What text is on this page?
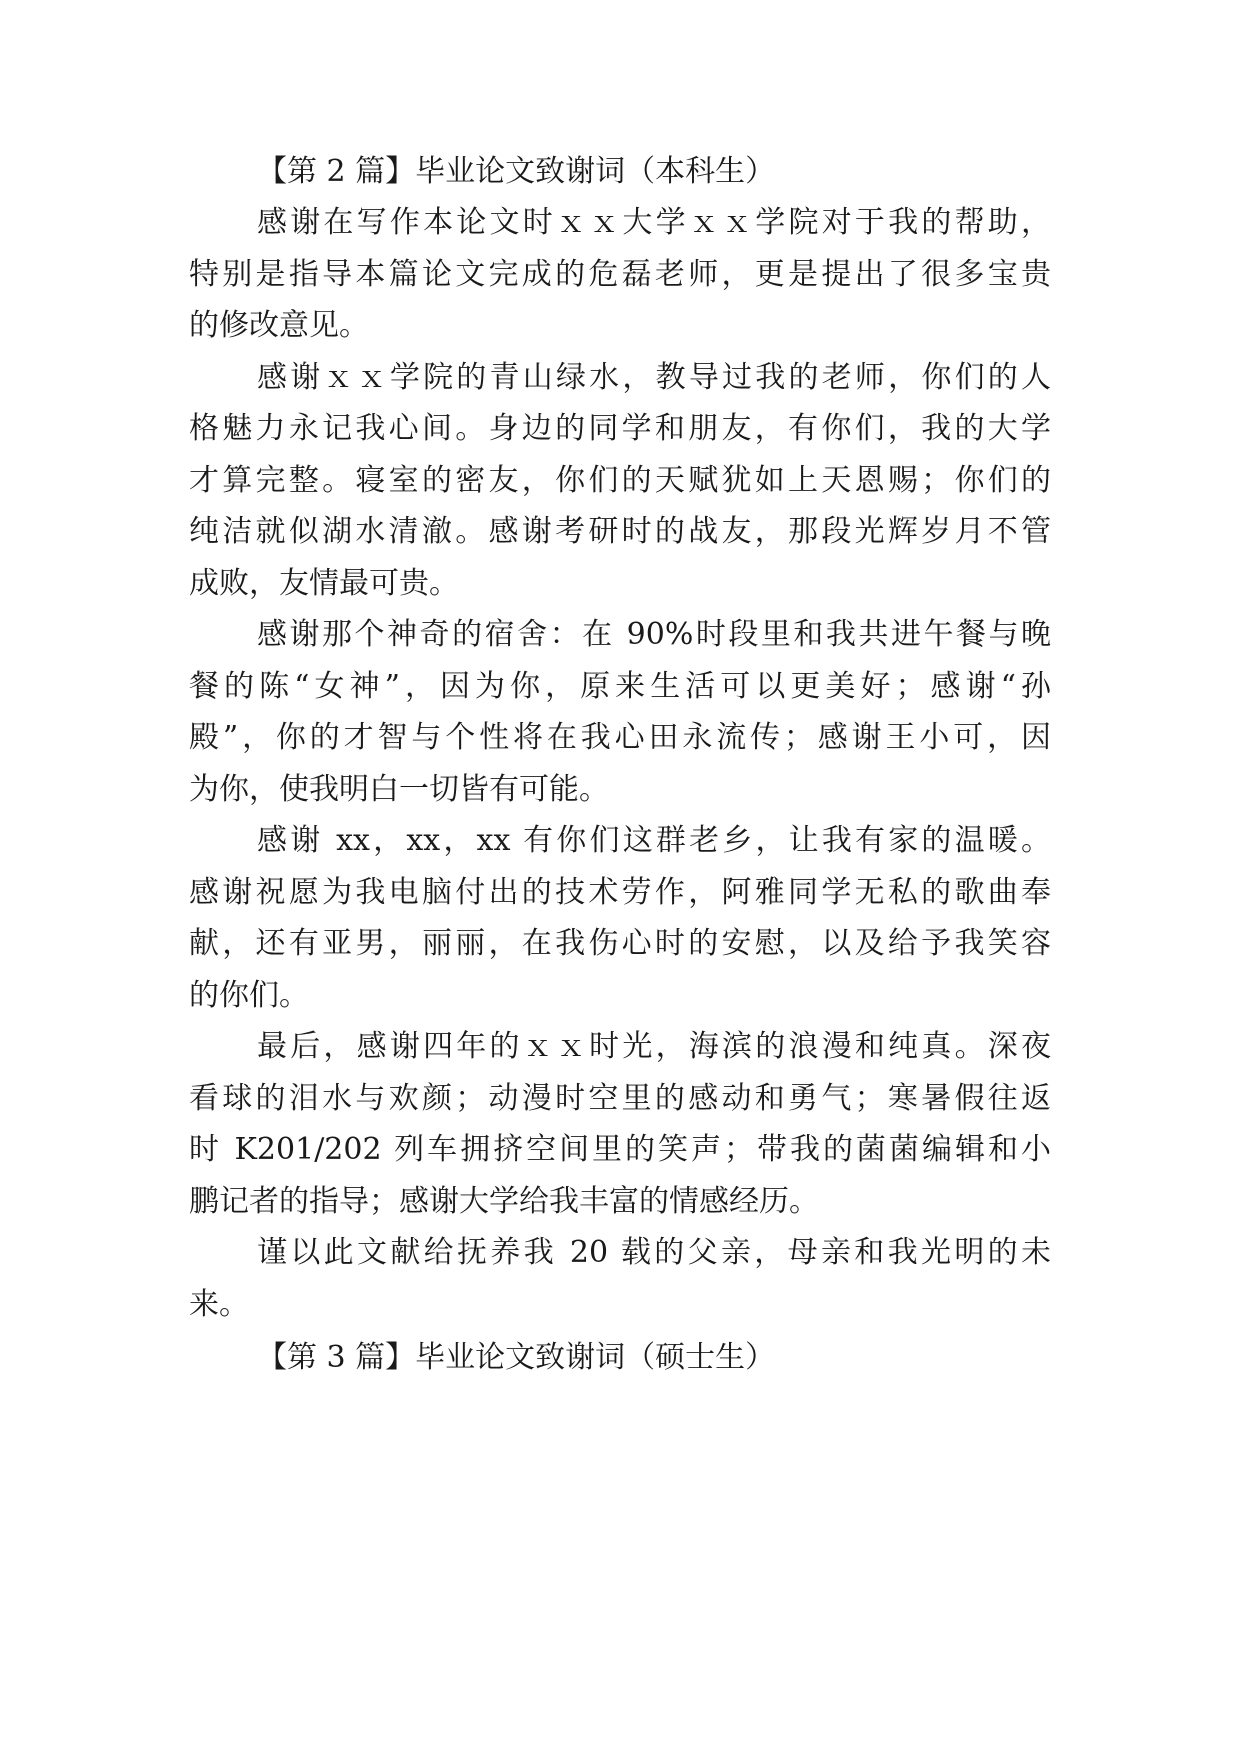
【第 2 篇】毕业论文致谢词（本科生）
感谢在写作本论文时ｘｘ大学ｘｘ学院对于我的帮助，
特别是指导本篇论文完成的危磊老师，更是提出了很多宝贵
的修改意见。
感谢ｘｘ学院的青山绿水，教导过我的老师，你们的人
格魅力永记我心间。身边的同学和朋友，有你们，我的大学
才算完整。寝室的密友，你们的天赋犹如上天恩赐；你们的
纯洁就似湖水清澈。感谢考研时的战友，那段光辉岁月不管
成败，友情最可贵。
感谢那个神奇的宿舍：在 90%时段里和我共进午餐与晚
餐的陈“女神”，因为你，原来生活可以更美好；感谢“孙
殿”，你的才智与个性将在我心田永流传；感谢王小可，因
为你，使我明白一切皆有可能。
感谢 xx，xx，xx 有你们这群老乡，让我有家的温暖。
感谢祝愿为我电脑付出的技术劳作，阿雅同学无私的歌曲奉
献，还有亚男，丽丽，在我伤心时的安慰，以及给予我笑容
的你们。
最后，感谢四年的ｘｘ时光，海滨的浪漫和纯真。深夜
看球的泪水与欢颜；动漫时空里的感动和勇气；寒暑假往返
时 K201/202 列车拥挤空间里的笑声；带我的菌菌编辑和小
鹏记者的指导；感谢大学给我丰富的情感经历。
谨以此文献给抚养我 20 载的父亲，母亲和我光明的未
来。
【第 3 篇】毕业论文致谢词（硕士生）
